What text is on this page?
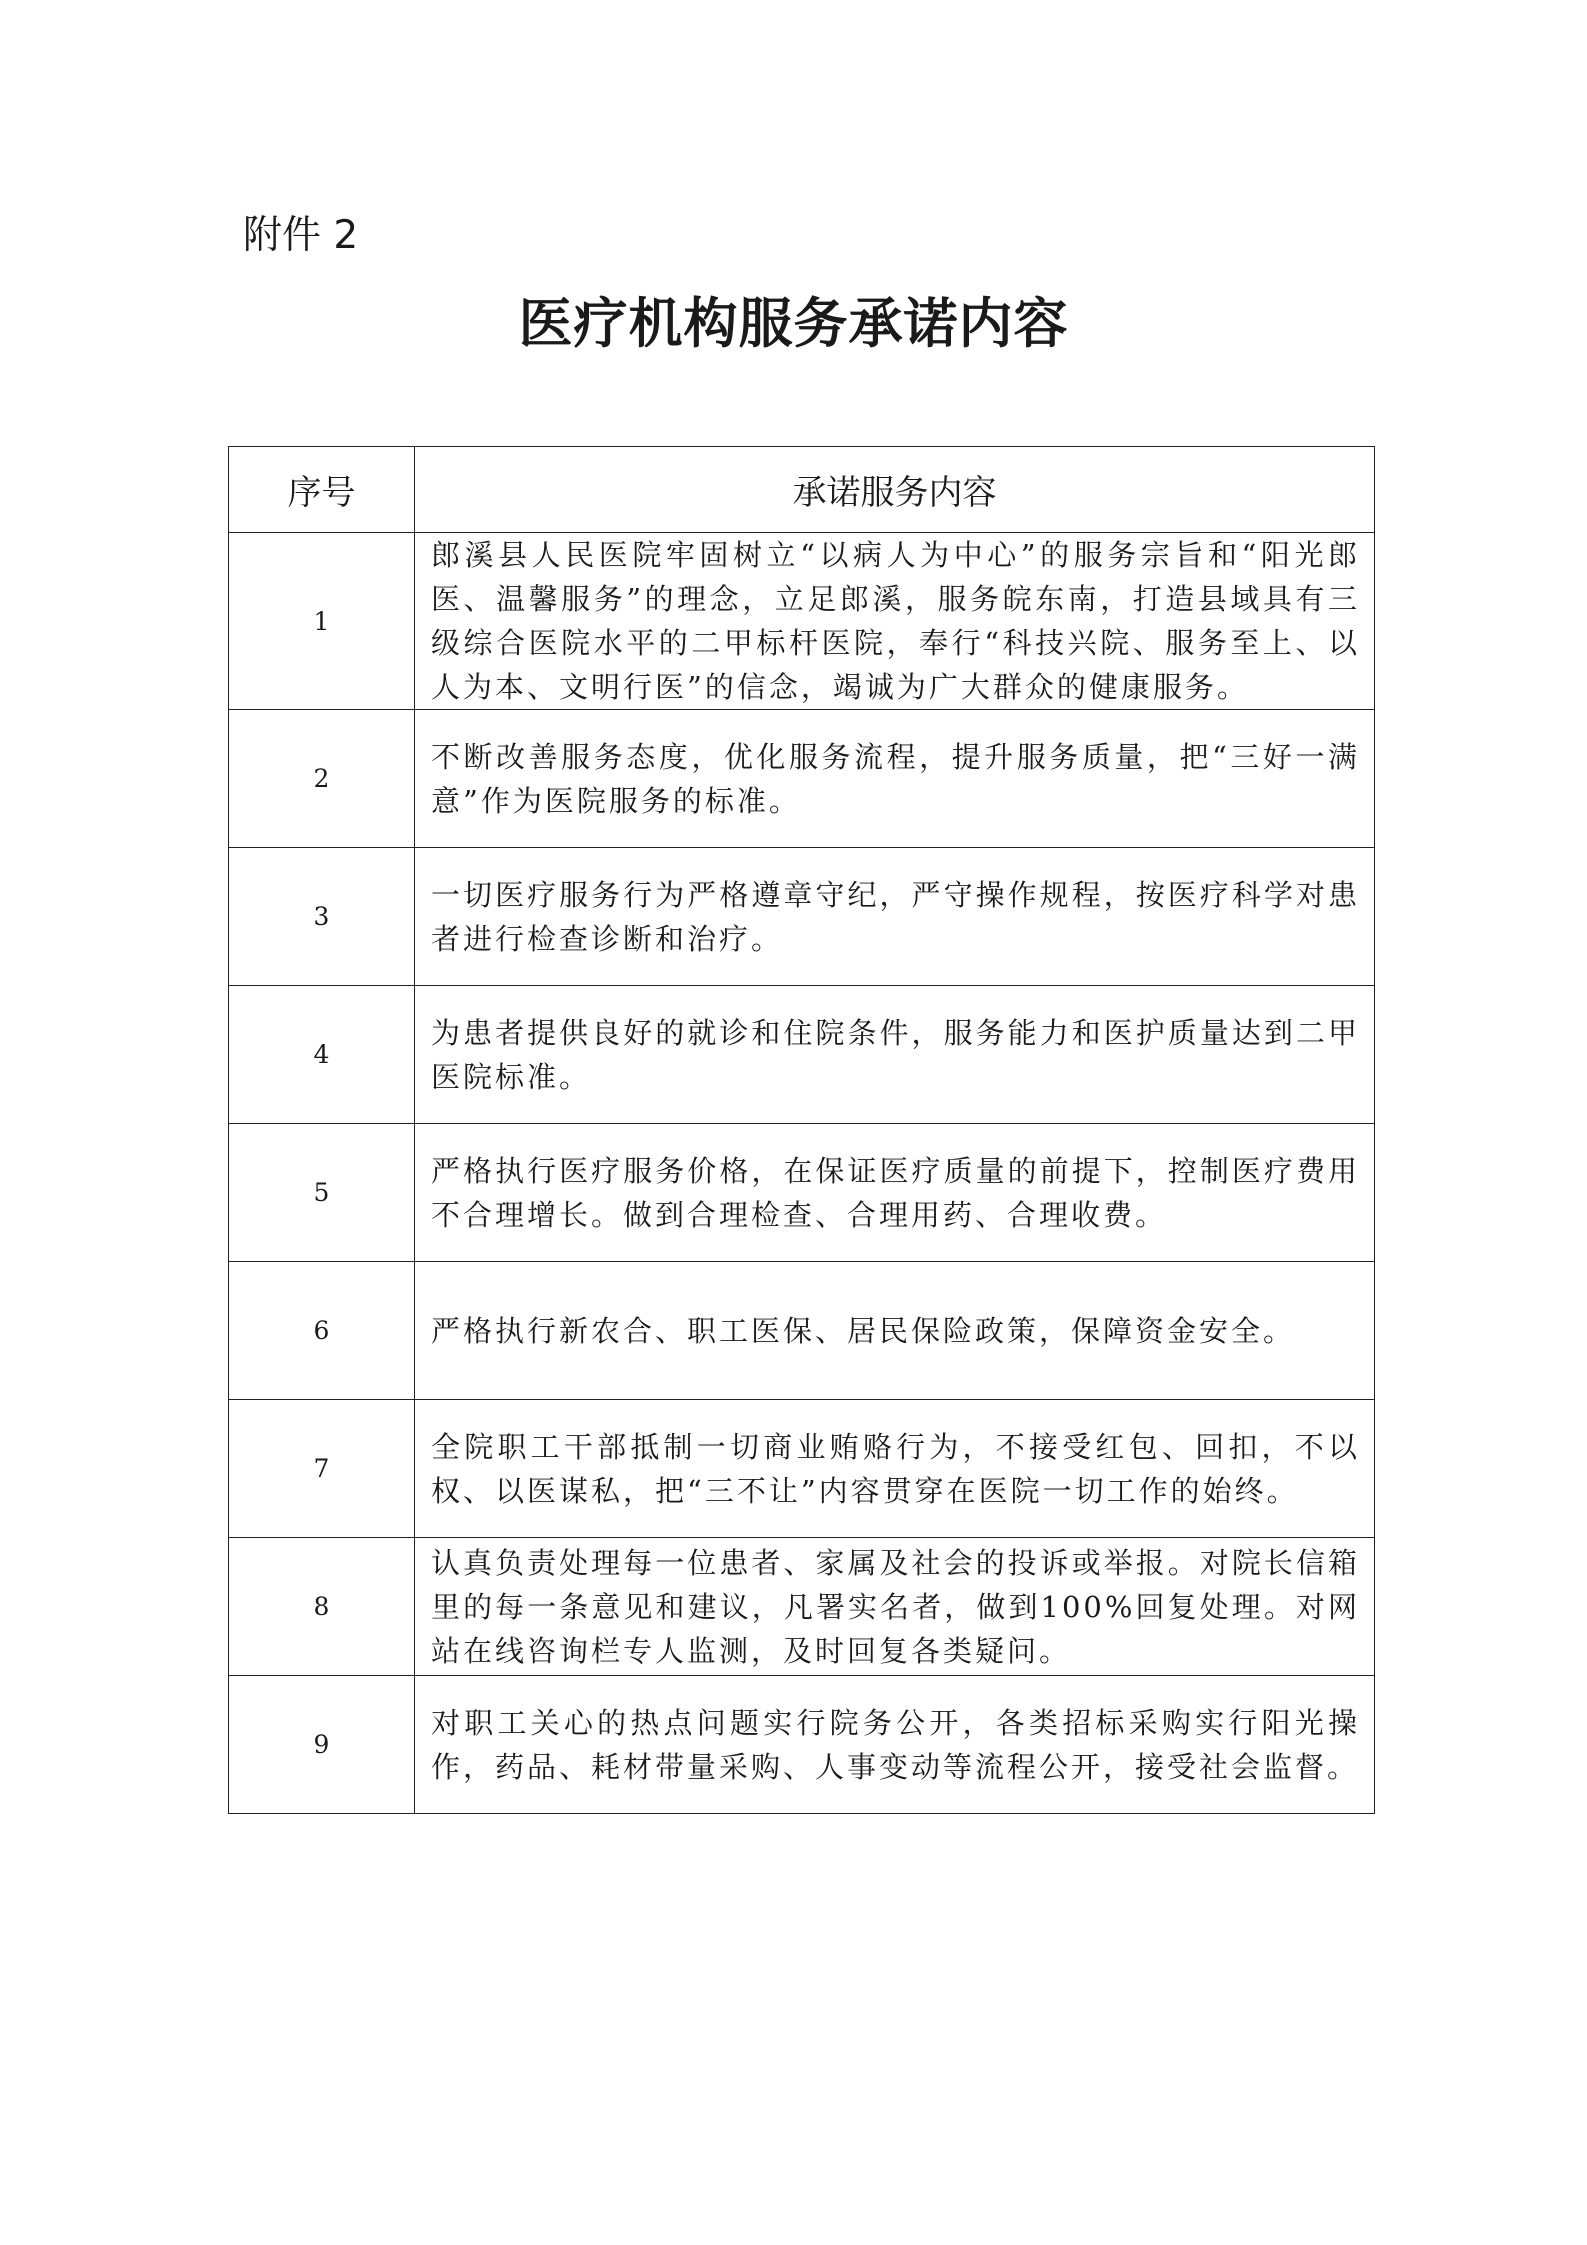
附件 2
医疗机构服务承诺内容
序号	承诺服务内容
1	郎溪县人民医院牢固树立“以病人为中心”的服务宗旨和“阳光郎医、温馨服务”的理念，立足郎溪，服务皖东南，打造县域具有三级综合医院水平的二甲标杆医院，奉行“科技兴院、服务至上、以人为本、文明行医”的信念，竭诚为广大群众的健康服务。
2	不断改善服务态度，优化服务流程，提升服务质量，把“三好一满意”作为医院服务的标准。
3	一切医疗服务行为严格遵章守纪，严守操作规程，按医疗科学对患者进行检查诊断和治疗。
4	为患者提供良好的就诊和住院条件，服务能力和医护质量达到二甲医院标准。
5	严格执行医疗服务价格，在保证医疗质量的前提下，控制医疗费用不合理增长。做到合理检查、合理用药、合理收费。
6	严格执行新农合、职工医保、居民保险政策，保障资金安全。
7	全院职工干部抵制一切商业贿赂行为，不接受红包、回扣，不以权、以医谋私，把“三不让”内容贯穿在医院一切工作的始终。
8	认真负责处理每一位患者、家属及社会的投诉或举报。对院长信箱里的每一条意见和建议，凡署实名者，做到100%回复处理。对网站在线咨询栏专人监测，及时回复各类疑问。
9	对职工关心的热点问题实行院务公开，各类招标采购实行阳光操作，药品、耗材带量采购、人事变动等流程公开，接受社会监督。
